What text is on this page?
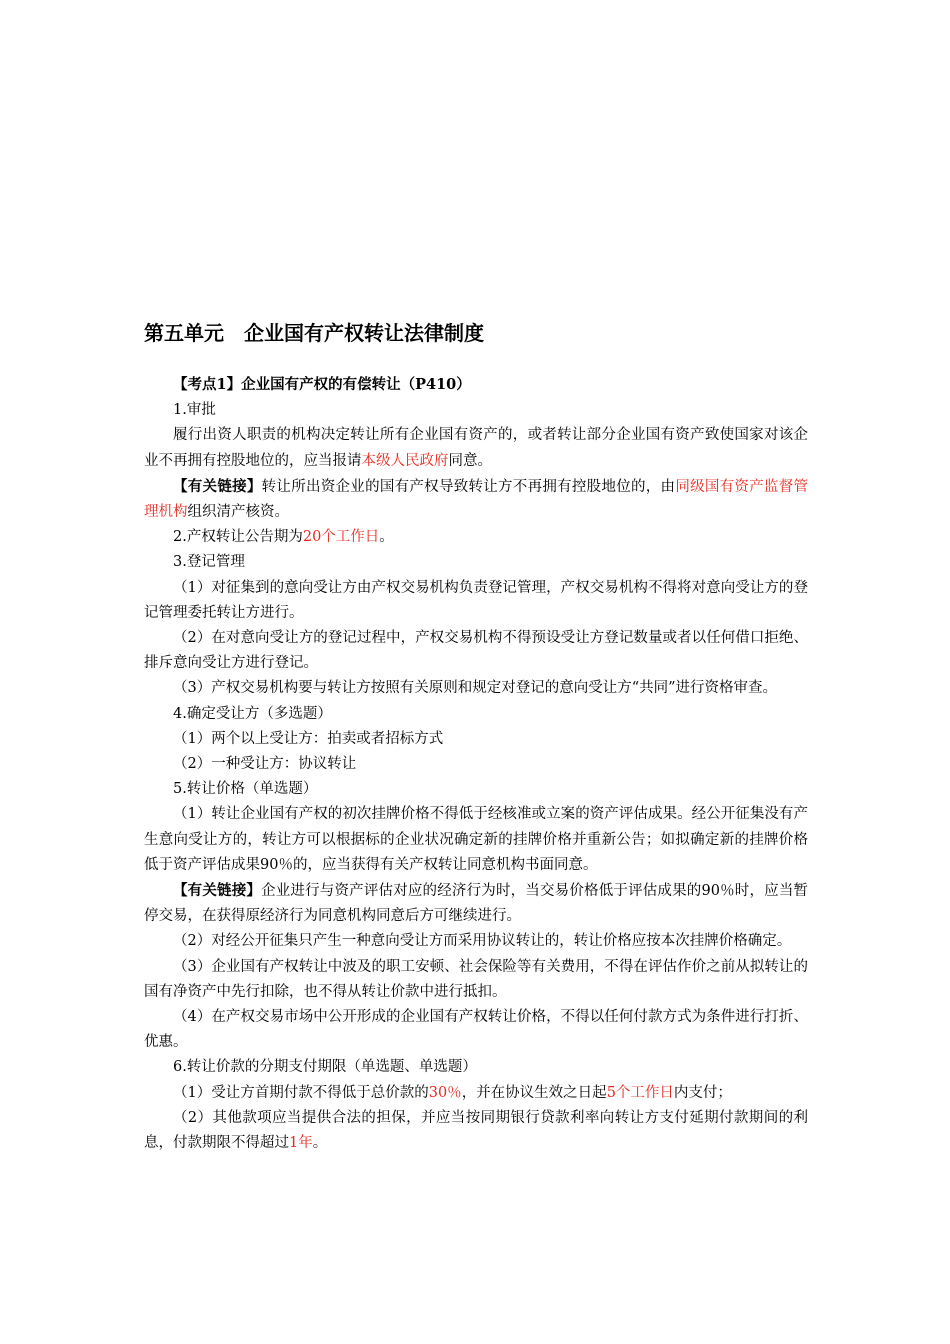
第五单元　企业国有产权转让法律制度

【考点1】企业国有产权的有偿转让（P410）

1.审批

履行出资人职责的机构决定转让所有企业国有资产的，或者转让部分企业国有资产致使国家对该企业不再拥有控股地位的，应当报请本级人民政府同意。

【有关链接】转让所出资企业的国有产权导致转让方不再拥有控股地位的，由同级国有资产监督管理机构组织清产核资。

2.产权转让公告期为20个工作日。

3.登记管理

（1）对征集到的意向受让方由产权交易机构负责登记管理，产权交易机构不得将对意向受让方的登记管理委托转让方进行。

（2）在对意向受让方的登记过程中，产权交易机构不得预设受让方登记数量或者以任何借口拒绝、排斥意向受让方进行登记。

（3）产权交易机构要与转让方按照有关原则和规定对登记的意向受让方“共同”进行资格审查。

4.确定受让方（多选题）

（1）两个以上受让方：拍卖或者招标方式

（2）一种受让方：协议转让

5.转让价格（单选题）

（1）转让企业国有产权的初次挂牌价格不得低于经核准或立案的资产评估成果。经公开征集没有产生意向受让方的，转让方可以根据标的企业状况确定新的挂牌价格并重新公告；如拟确定新的挂牌价格低于资产评估成果90％的，应当获得有关产权转让同意机构书面同意。

【有关链接】企业进行与资产评估对应的经济行为时，当交易价格低于评估成果的90％时，应当暂停交易，在获得原经济行为同意机构同意后方可继续进行。

（2）对经公开征集只产生一种意向受让方而采用协议转让的，转让价格应按本次挂牌价格确定。

（3）企业国有产权转让中波及的职工安顿、社会保险等有关费用，不得在评估作价之前从拟转让的国有净资产中先行扣除，也不得从转让价款中进行抵扣。

（4）在产权交易市场中公开形成的企业国有产权转让价格，不得以任何付款方式为条件进行打折、优惠。

6.转让价款的分期支付期限（单选题、单选题）

（1）受让方首期付款不得低于总价款的30％，并在协议生效之日起5个工作日内支付；

（2）其他款项应当提供合法的担保，并应当按同期银行贷款利率向转让方支付延期付款期间的利息，付款期限不得超过1年。
